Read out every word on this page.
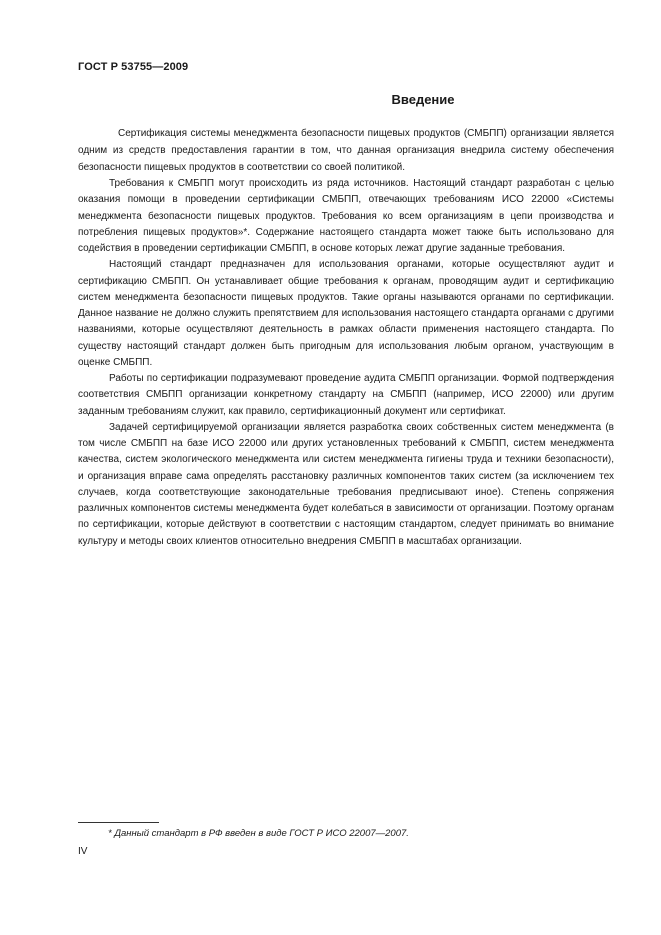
ГОСТ Р 53755—2009
Введение

Сертификация системы менеджмента безопасности пищевых продуктов (СМБПП) организации является одним из средств предоставления гарантии в том, что данная организация внедрила систему обеспечения безопасности пищевых продуктов в соответствии со своей политикой.

Требования к СМБПП могут происходить из ряда источников. Настоящий стандарт разработан с целью оказания помощи в проведении сертификации СМБПП, отвечающих требованиям ИСО 22000 «Системы менеджмента безопасности пищевых продуктов. Требования ко всем организациям в цепи производства и потребления пищевых продуктов»*. Содержание настоящего стандарта может также быть использовано для содействия в проведении сертификации СМБПП, в основе которых лежат другие заданные требования.

Настоящий стандарт предназначен для использования органами, которые осуществляют аудит и сертификацию СМБПП. Он устанавливает общие требования к органам, проводящим аудит и сертификацию систем менеджмента безопасности пищевых продуктов. Такие органы называются органами по сертификации. Данное название не должно служить препятствием для использования настоящего стандарта органами с другими названиями, которые осуществляют деятельность в рамках области применения настоящего стандарта. По существу настоящий стандарт должен быть пригодным для использования любым органом, участвующим в оценке СМБПП.

Работы по сертификации подразумевают проведение аудита СМБПП организации. Формой подтверждения соответствия СМБПП организации конкретному стандарту на СМБПП (например, ИСО 22000) или другим заданным требованиям служит, как правило, сертификационный документ или сертификат.

Задачей сертифицируемой организации является разработка своих собственных систем менеджмента (в том числе СМБПП на базе ИСО 22000 или других установленных требований к СМБПП, систем менеджмента качества, систем экологического менеджмента или систем менеджмента гигиены труда и техники безопасности), и организация вправе сама определять расстановку различных компонентов таких систем (за исключением тех случаев, когда соответствующие законодательные требования предписывают иное). Степень сопряжения различных компонентов системы менеджмента будет колебаться в зависимости от организации. Поэтому органам по сертификации, которые действуют в соответствии с настоящим стандартом, следует принимать во внимание культуру и методы своих клиентов относительно внедрения СМБПП в масштабах организации.

* Данный стандарт в РФ введен в виде ГОСТ Р ИСО 22007—2007.
IV
